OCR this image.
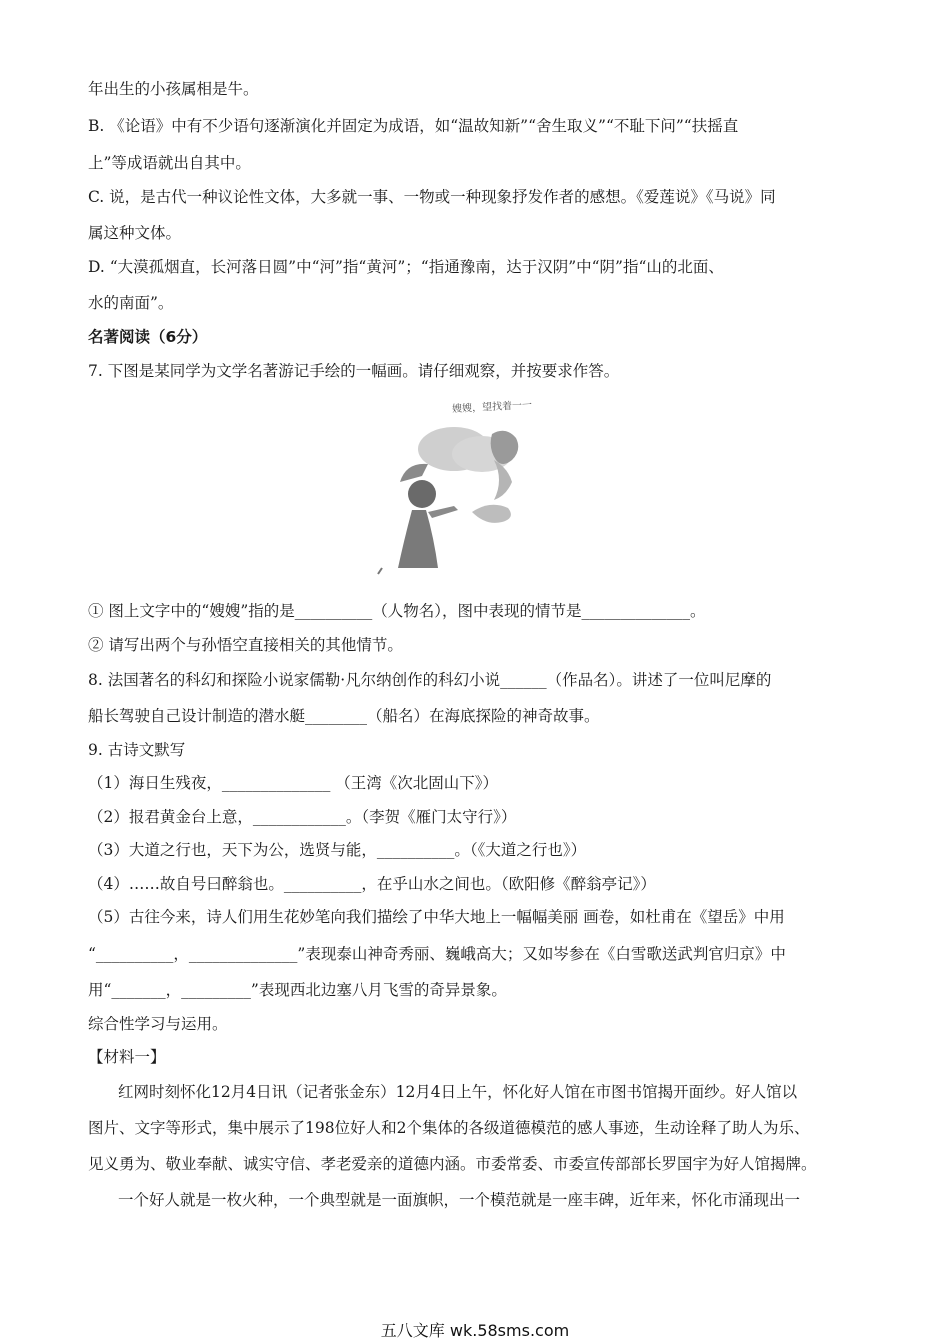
年出生的小孩属相是牛。
B. 《论语》中有不少语句逐渐演化并固定为成语，如“温故知新”“舍生取义”“不耻下问”“扶摇直
上”等成语就出自其中。
C. 说，是古代一种议论性文体，大多就一事、一物或一种现象抒发作者的感想。《爱莲说》《马说》同
属这种文体。
D. “大漠孤烟直，长河落日圆”中“河”指“黄河”；“指通豫南，达于汉阴”中“阴”指“山的北面、
水的南面”。
名著阅读（6分）
7. 下图是某同学为文学名著游记手绘的一幅画。请仔细观察，并按要求作答。
嫂嫂，望找着一一
① 图上文字中的“嫂嫂”指的是__________（人物名），图中表现的情节是______________。
② 请写出两个与孙悟空直接相关的其他情节。
8. 法国著名的科幻和探险小说家儒勒·凡尔纳创作的科幻小说______（作品名）。讲述了一位叫尼摩的
船长驾驶自己设计制造的潜水艇________（船名）在海底探险的神奇故事。
9. 古诗文默写
（1）海日生残夜，______________ （王湾《次北固山下》）
（2）报君黄金台上意，____________。（李贺《雁门太守行》）
（3）大道之行也，天下为公，选贤与能，__________。（《大道之行也》）
（4）……故自号曰醉翁也。__________，在乎山水之间也。（欧阳修《醉翁亭记》）
（5）古往今来，诗人们用生花妙笔向我们描绘了中华大地上一幅幅美丽 画卷，如杜甫在《望岳》中用
“__________，______________”表现泰山神奇秀丽、巍峨高大；又如岑参在《白雪歌送武判官归京》中
用“_______，_________”表现西北边塞八月飞雪的奇异景象。
综合性学习与运用。
【材料一】
红网时刻怀化12月4日讯（记者张金东）12月4日上午，怀化好人馆在市图书馆揭开面纱。好人馆以
图片、文字等形式，集中展示了198位好人和2个集体的各级道德模范的感人事迹，生动诠释了助人为乐、
见义勇为、敬业奉献、诚实守信、孝老爱亲的道德内涵。市委常委、市委宣传部部长罗国宇为好人馆揭牌。
一个好人就是一枚火种，一个典型就是一面旗帜，一个模范就是一座丰碑，近年来，怀化市涌现出一
五八文库 wk.58sms.com
